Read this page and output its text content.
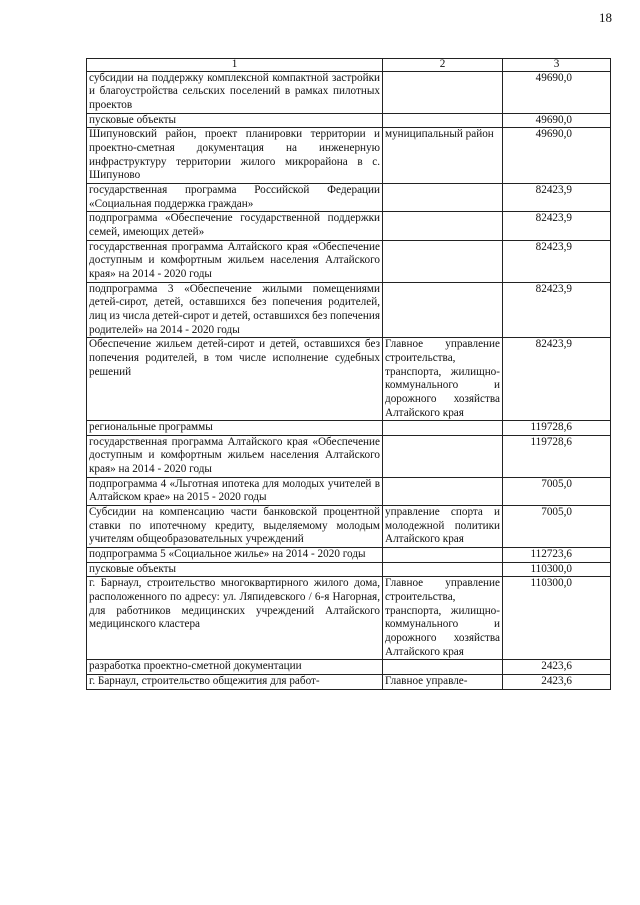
18
1	2	3
субсидии на поддержку комплексной компактной застройки и благоустройства сельских поселений в рамках пилотных проектов		49690,0
пусковые объекты		49690,0
Шипуновский район, проект планировки территории и проектно-сметная документация на инженерную инфраструктуру территории жилого микрорайона в с. Шипуново	муниципальный район	49690,0
государственная программа Российской Федерации «Социальная поддержка граждан»		82423,9
подпрограмма «Обеспечение государственной поддержки семей, имеющих детей»		82423,9
государственная программа Алтайского края «Обеспечение доступным и комфортным жильем населения Алтайского края» на 2014 - 2020 годы		82423,9
подпрограмма 3 «Обеспечение жилыми помещениями детей-сирот, детей, оставшихся без попечения родителей, лиц из числа детей-сирот и детей, оставшихся без попечения родителей» на 2014 - 2020 годы		82423,9
Обеспечение жильем детей-сирот и детей, оставшихся без попечения родителей, в том числе исполнение судебных решений	Главное управление строительства, транспорта, жилищно-коммунального и дорожного хозяйства Алтайского края	82423,9
региональные программы		119728,6
государственная программа Алтайского края «Обеспечение доступным и комфортным жильем населения Алтайского края» на 2014 - 2020 годы		119728,6
подпрограмма 4 «Льготная ипотека для молодых учителей в Алтайском крае» на 2015 - 2020 годы		7005,0
Субсидии на компенсацию части банковской процентной ставки по ипотечному кредиту, выделяемому молодым учителям общеобразовательных учреждений	управление спорта и молодежной политики Алтайского края	7005,0
подпрограмма 5 «Социальное жилье» на 2014 - 2020 годы		112723,6
пусковые объекты		110300,0
г. Барнаул, строительство многоквартирного жилого дома, расположенного по адресу: ул. Ляпидевского / 6-я Нагорная, для работников медицинских учреждений Алтайского медицинского кластера	Главное управление строительства, транспорта, жилищно-коммунального и дорожного хозяйства Алтайского края	110300,0
разработка проектно-сметной документации		2423,6
г. Барнаул, строительство общежития для работ-	Главное управле-	2423,6
